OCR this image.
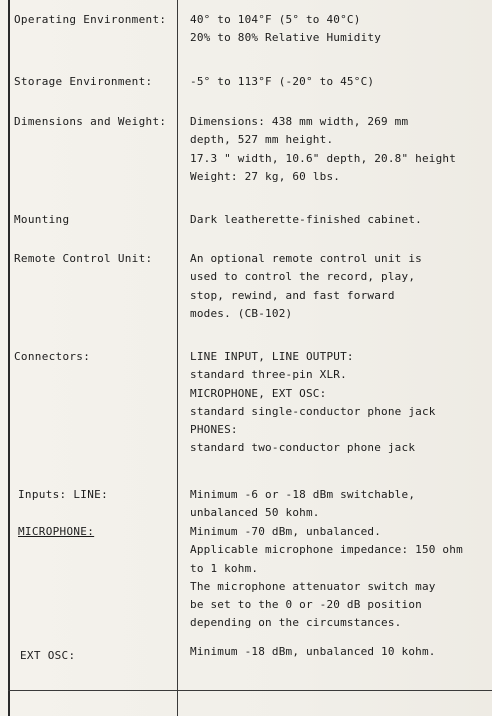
Operating Environment: 40° to 104°F (5° to 40°C)
20% to 80% Relative Humidity
Storage Environment:	-5° to 113°F (-20° to 45°C)
Dimensions and Weight: Dimensions: 438 mm width, 269 mm
depth, 527 mm height.
17.3 " width, 10.6" depth, 20.8" height
Weight: 27 kg, 60 lbs.
Mounting	Dark leatherette-finished cabinet.
Remote Control Unit:	An optional remote control unit is
used to control the record, play,
stop, rewind, and fast forward
modes. (CB-102)
Connectors:	LINE INPUT, LINE OUTPUT:
standard three-pin XLR.
MICROPHONE, EXT OSC:
standard single-conductor phone jack
PHONES:
standard two-conductor phone jack
Inputs: LINE:	Minimum -6 or -18 dBm switchable,
unbalanced 50 kohm.
MICROPHONE:	Minimum -70 dBm, unbalanced.
Applicable microphone impedance: 150 ohm
to 1 kohm.
The microphone attenuator switch may
be set to the 0 or -20 dB position
depending on the circumstances.
EXT OSC:	Minimum -18 dBm, unbalanced 10 kohm.
